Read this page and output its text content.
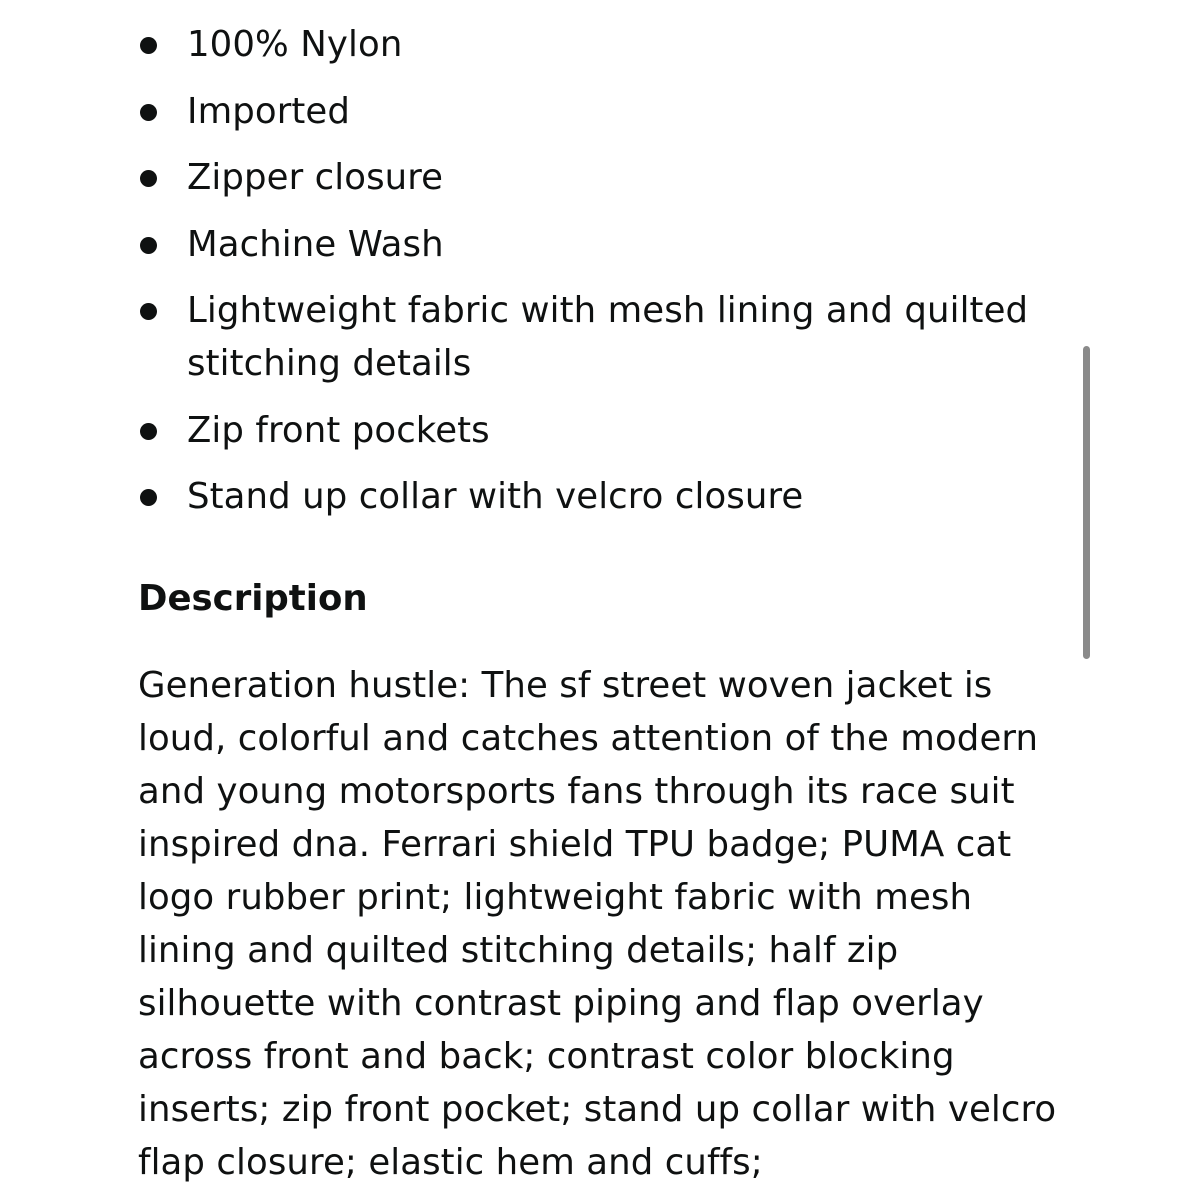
100% Nylon
Imported
Zipper closure
Machine Wash
Lightweight fabric with mesh lining and quilted stitching details
Zip front pockets
Stand up collar with velcro closure
Description

Generation hustle: The sf street woven jacket is loud, colorful and catches attention of the modern and young motorsports fans through its race suit inspired dna. Ferrari shield TPU badge; PUMA cat logo rubber print; lightweight fabric with mesh lining and quilted stitching details; half zip silhouette with contrast piping and flap overlay across front and back; contrast color blocking inserts; zip front pocket; stand up collar with velcro flap closure; elastic hem and cuffs;
